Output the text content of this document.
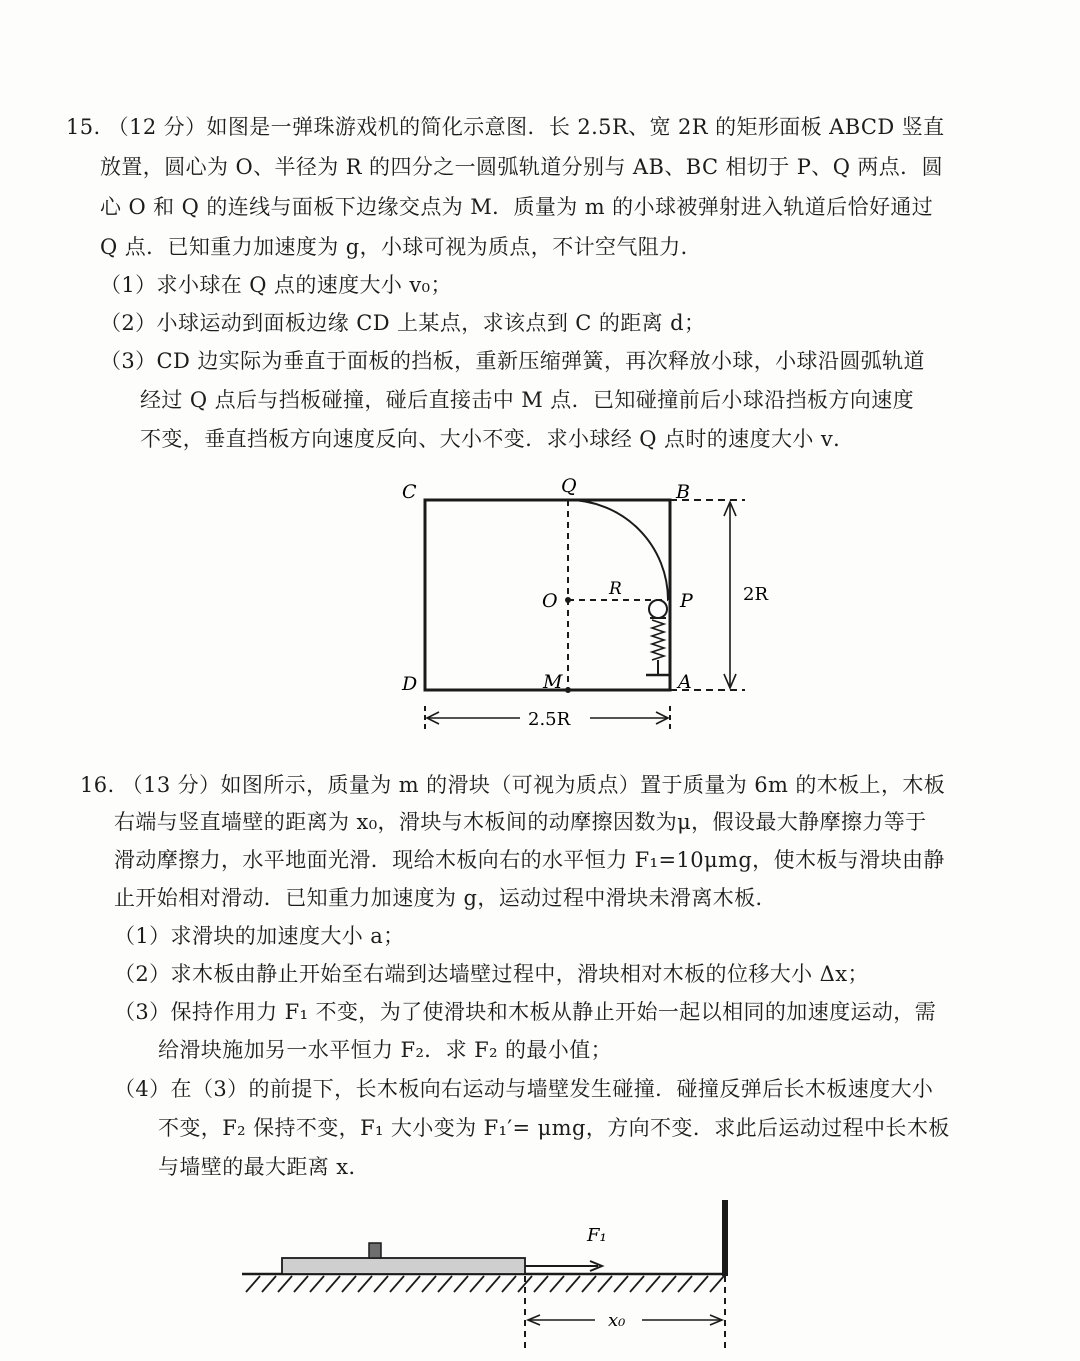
15. （12 分）如图是一弹珠游戏机的简化示意图．长 2.5R、宽 2R 的矩形面板 ABCD 竖直
放置，圆心为 O、半径为 R 的四分之一圆弧轨道分别与 AB、BC 相切于 P、Q 两点．圆
心 O 和 Q 的连线与面板下边缘交点为 M．质量为 m 的小球被弹射进入轨道后恰好通过
Q 点．已知重力加速度为 g，小球可视为质点，不计空气阻力．
（1）求小球在 Q 点的速度大小 v₀；
（2）小球运动到面板边缘 CD 上某点，求该点到 C 的距离 d；
（3）CD 边实际为垂直于面板的挡板，重新压缩弹簧，再次释放小球，小球沿圆弧轨道
经过 Q 点后与挡板碰撞，碰后直接击中 M 点．已知碰撞前后小球沿挡板方向速度
不变，垂直挡板方向速度反向、大小不变．求小球经 Q 点时的速度大小 v．
C	Q	B
O
R
P	2R
D	M	A
2.5R
16. （13 分）如图所示，质量为 m 的滑块（可视为质点）置于质量为 6m 的木板上，木板
右端与竖直墙壁的距离为 x₀，滑块与木板间的动摩擦因数为μ，假设最大静摩擦力等于
滑动摩擦力，水平地面光滑．现给木板向右的水平恒力 F₁=10μmg，使木板与滑块由静
止开始相对滑动．已知重力加速度为 g，运动过程中滑块未滑离木板．
（1）求滑块的加速度大小 a；
（2）求木板由静止开始至右端到达墙壁过程中，滑块相对木板的位移大小 Δx；
（3）保持作用力 F₁ 不变，为了使滑块和木板从静止开始一起以相同的加速度运动，需
给滑块施加另一水平恒力 F₂．求 F₂ 的最小值；
（4）在（3）的前提下，长木板向右运动与墙壁发生碰撞．碰撞反弹后长木板速度大小
不变，F₂ 保持不变，F₁ 大小变为 F₁′= μmg，方向不变．求此后运动过程中长木板
与墙壁的最大距离 x．
F₁
x₀
